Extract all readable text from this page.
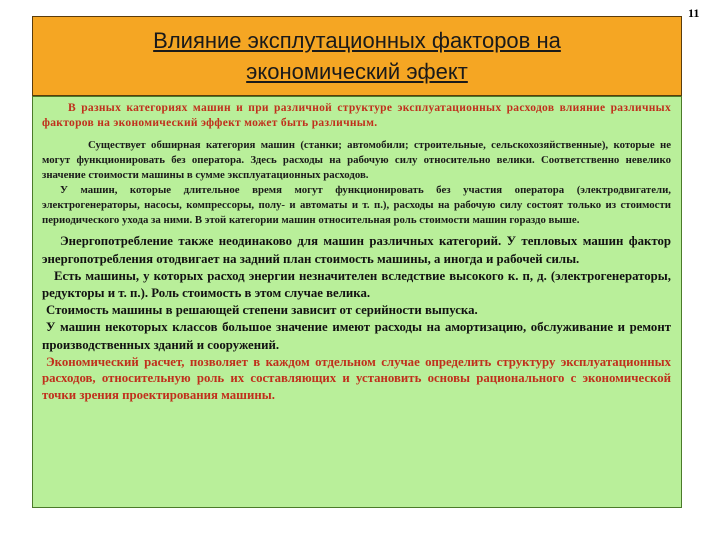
11
Влияние эксплутационных факторов на
экономический эфект

В разных категориях машин и при различной структуре эксплуатационных расходов влияние различных факторов на экономический эффект может быть различным.

Существует обширная категория машин (станки; автомобили; строительные, сельскохозяйственные), которые не могут функционировать без оператора. Здесь расходы на рабочую силу относительно велики. Соответственно невелико значение стоимости машины в сумме эксплуатационных расходов.

У машин, которые длительное время могут функционировать без участия оператора (электродвигатели, электрогенераторы, насосы, компрессоры, полу- и автоматы и т. п.), расходы на рабочую силу состоят только из стоимости периодического ухода за ними. В этой категории машин относительная роль стоимости машин гораздо выше.

Энергопотребление также неодинаково для машин различных категорий. У тепловых машин фактор энергопотребления отодвигает на задний план стоимость машины, а иногда и рабочей силы.

Есть машины, у которых расход энергии незначителен вследствие высокого к. п, д. (электрогенераторы, редукторы и т. п.). Роль стоимость в этом случае велика.

Стоимость машины в решающей степени зависит от серийности выпуска.

У машин некоторых классов большое значение имеют расходы на амортизацию, обслуживание и ремонт производственных зданий и сооружений.

Экономический расчет, позволяет в каждом отдельном случае определить структуру эксплуатационных расходов, относительную роль их составляющих и установить основы рационального с экономической точки зрения проектирования машины.
